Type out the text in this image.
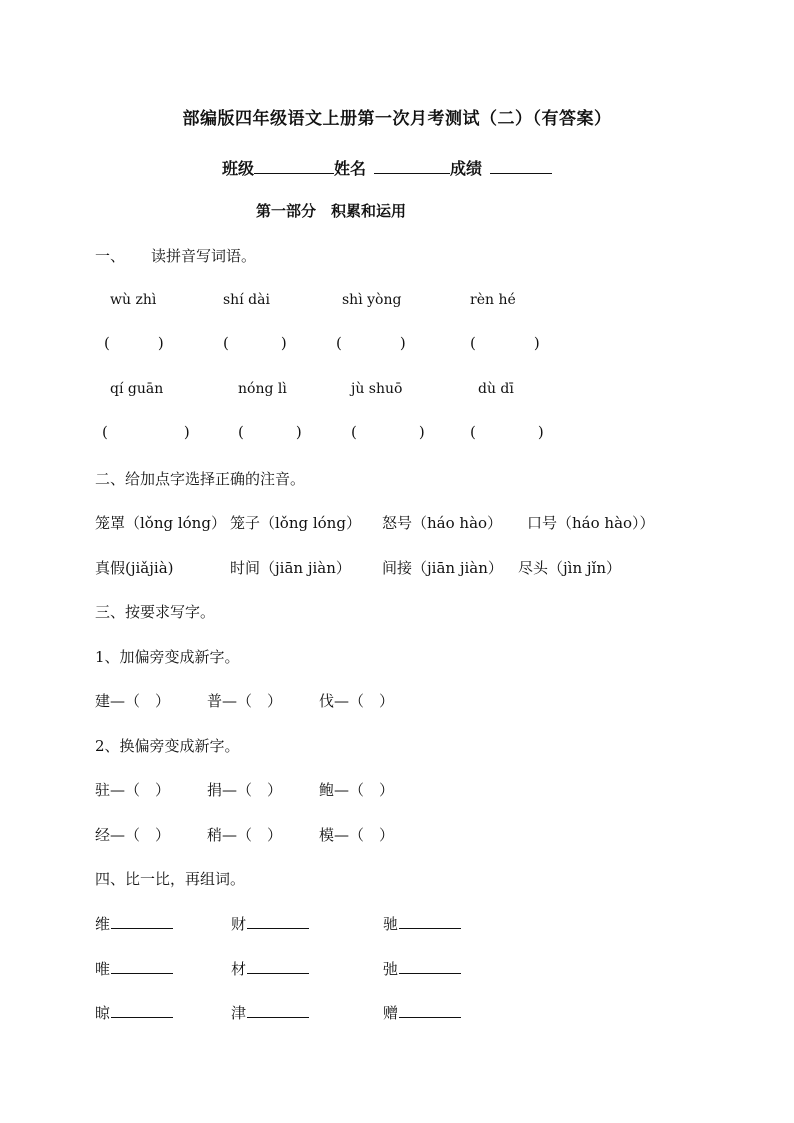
部编版四年级语文上册第一次月考测试（二）（有答案）
班级	姓名	成绩
第一部分　积累和运用
一、 读拼音写词语。
wù zhì	shí dài	shì yòng	rèn hé
(	)	(	)	(	)	(	)
qí guān	nóng lì	jù shuō	dù dī
(	)	(	)	(	)	(	)
二、给加点字选择正确的注音。
笼罩（lǒng lóng） 笼子（lǒng lóng） 怒号（háo hào） 口号（háo hào））
真假(jiǎjià)	时间（jiān jiàn） 间接（jiān jiàn） 尽头（jìn jǐn）
三、按要求写字。
1、加偏旁变成新字。
建—（　） 普—（　） 伐—（　）
2、换偏旁变成新字。
驻—（　） 捐—（　） 鲍—（　）
经—（　） 稍—（　） 模—（　）
四、比一比，再组词。
维	财	驰
唯	材	弛
晾	津	赠
